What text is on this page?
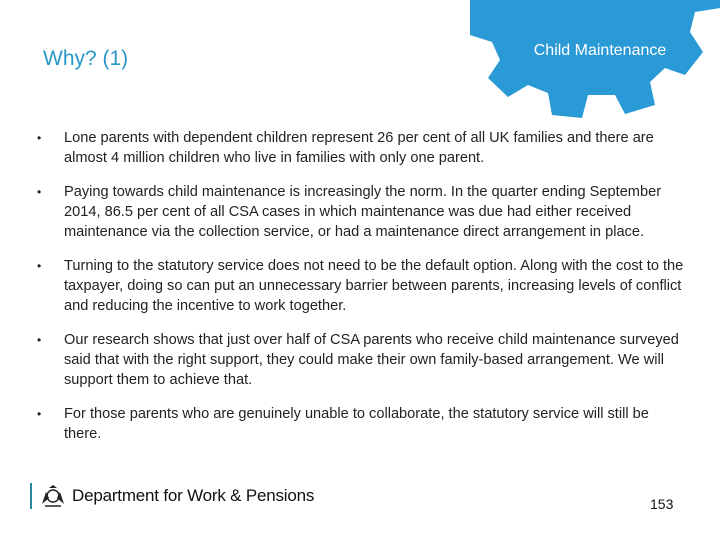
Why? (1)	Child Maintenance
• Lone parents with dependent children represent 26 per cent of all UK families and there are almost 4 million children who live in families with only one parent.
• Paying towards child maintenance is increasingly the norm. In the quarter ending September 2014, 86.5 per cent of all CSA cases in which maintenance was due had either received maintenance via the collection service, or had a maintenance direct arrangement in place.
• Turning to the statutory service does not need to be the default option. Along with the cost to the taxpayer, doing so can put an unnecessary barrier between parents, increasing levels of conflict and reducing the incentive to work together.
• Our research shows that just over half of CSA parents who receive child maintenance surveyed said that with the right support, they could make their own family-based arrangement. We will support them to achieve that.
• For those parents who are genuinely unable to collaborate, the statutory service will still be there.
Department for Work & Pensions	153
